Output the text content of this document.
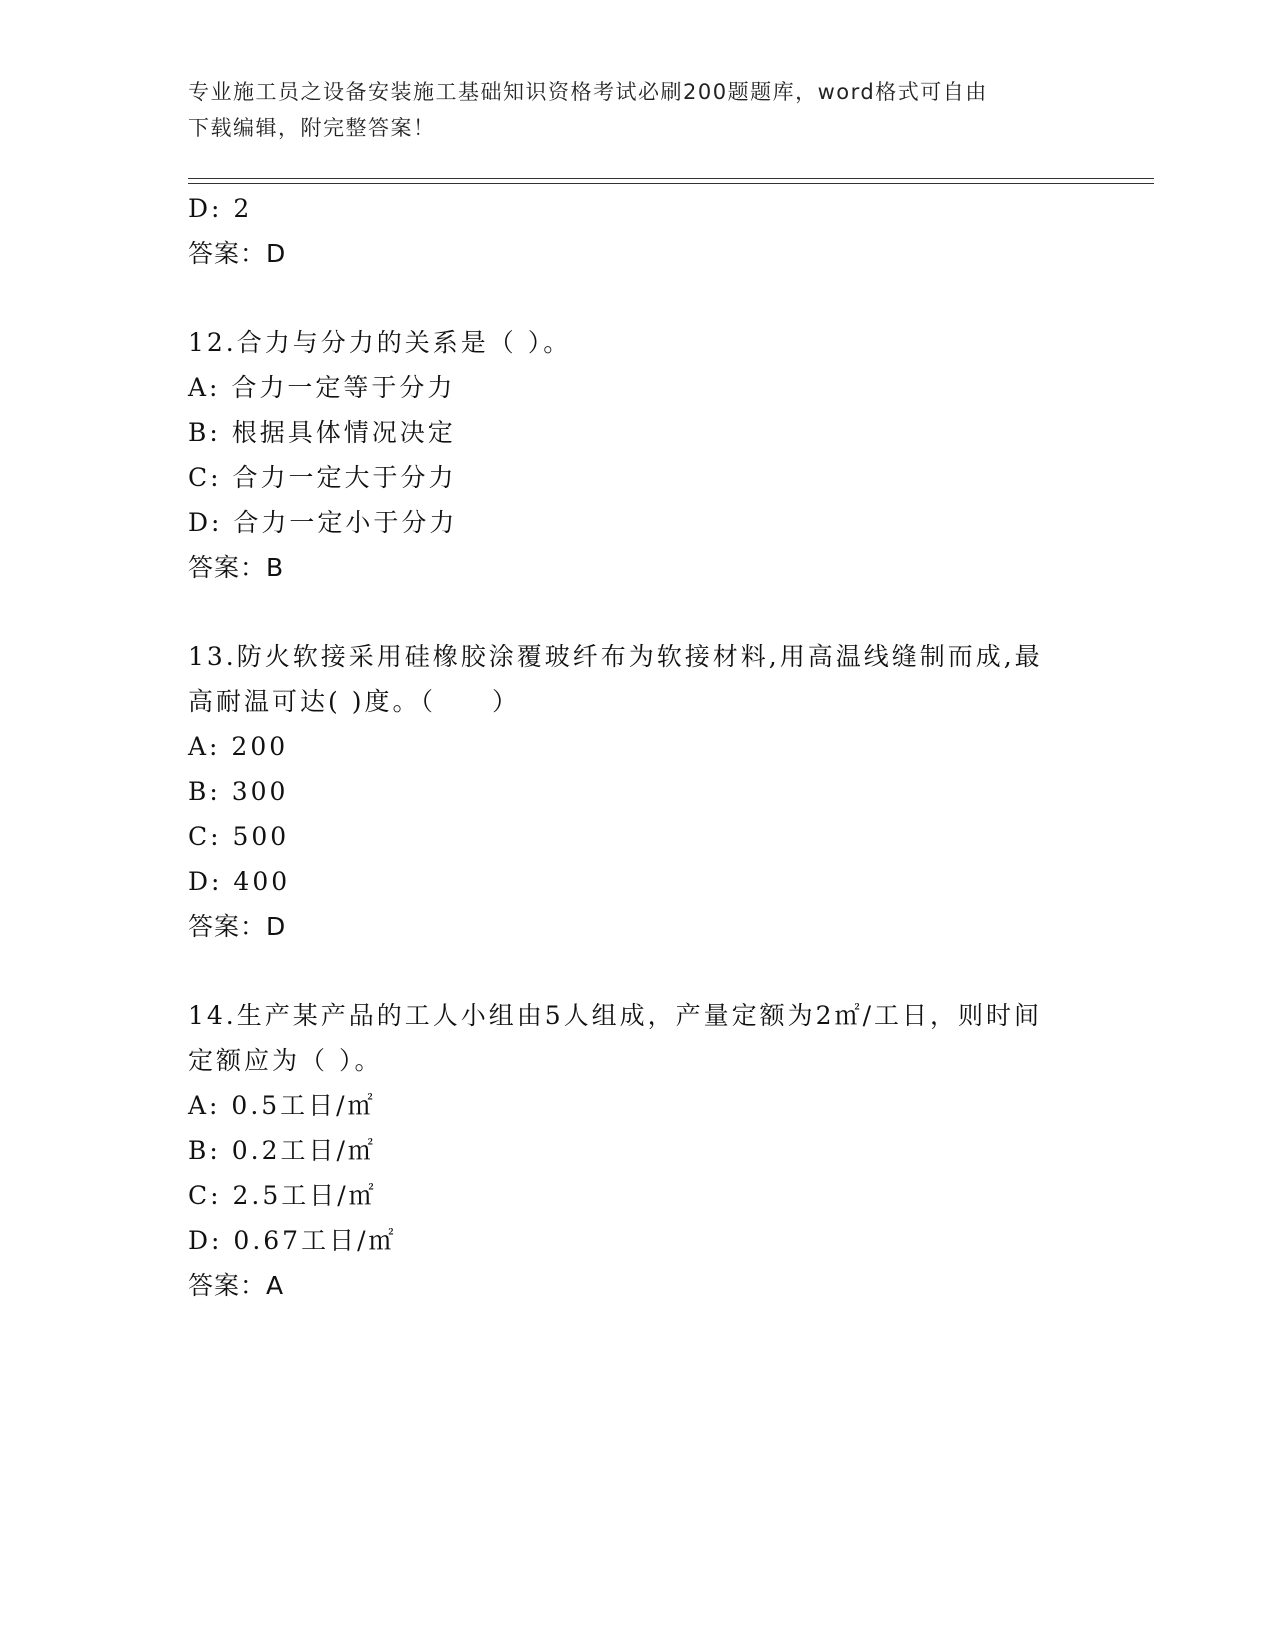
专业施工员之设备安装施工基础知识资格考试必刷200题题库，word格式可自由
下载编辑，附完整答案！
D: 2
答案：D
12.合力与分力的关系是（ ）。
A: 合力一定等于分力
B: 根据具体情况决定
C: 合力一定大于分力
D: 合力一定小于分力
答案：B
13.防火软接采用硅橡胶涂覆玻纤布为软接材料,用高温线缝制而成,最
高耐温可达( )度。（　　）
A: 200
B: 300
C: 500
D: 400
答案：D
14.生产某产品的工人小组由5人组成，产量定额为2㎡/工日，则时间
定额应为（ ）。
A: 0.5工日/㎡
B: 0.2工日/㎡
C: 2.5工日/㎡
D: 0.67工日/㎡
答案：A
